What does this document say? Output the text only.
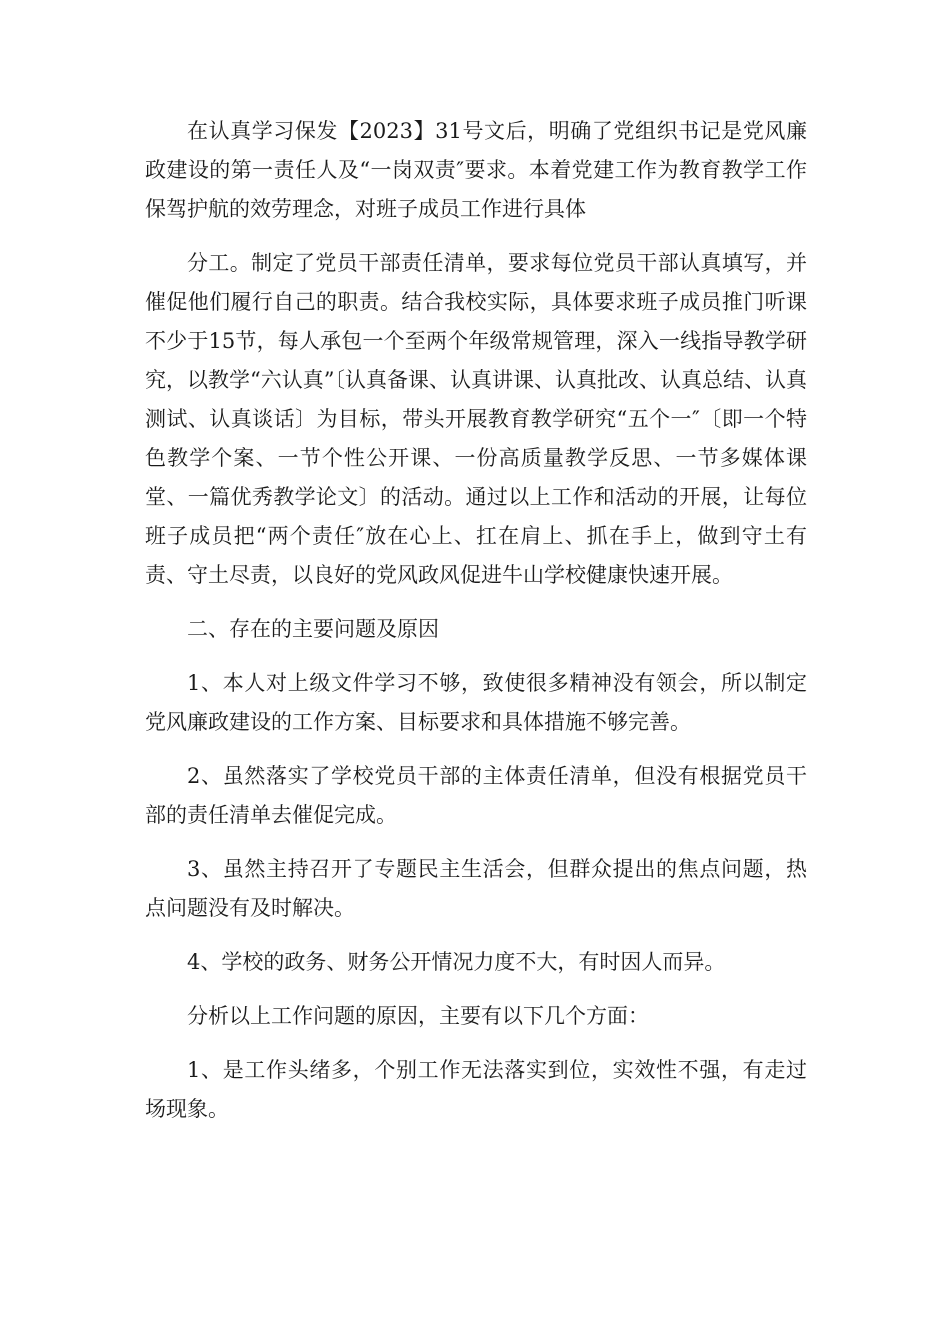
在认真学习保发【2023】31号文后，明确了党组织书记是党风廉政建设的第一责任人及“一岗双责″要求。本着党建工作为教育教学工作保驾护航的效劳理念，对班子成员工作进行具体

分工。制定了党员干部责任清单，要求每位党员干部认真填写，并催促他们履行自己的职责。结合我校实际，具体要求班子成员推门听课不少于15节，每人承包一个至两个年级常规管理，深入一线指导教学研究，以教学“六认真”〔认真备课、认真讲课、认真批改、认真总结、认真测试、认真谈话〕为目标，带头开展教育教学研究“五个一″〔即一个特色教学个案、一节个性公开课、一份高质量教学反思、一节多媒体课堂、一篇优秀教学论文〕的活动。通过以上工作和活动的开展，让每位班子成员把“两个责任″放在心上、扛在肩上、抓在手上，做到守土有责、守土尽责，以良好的党风政风促进牛山学校健康快速开展。

二、存在的主要问题及原因

1、本人对上级文件学习不够，致使很多精神没有领会，所以制定党风廉政建设的工作方案、目标要求和具体措施不够完善。

2、虽然落实了学校党员干部的主体责任清单，但没有根据党员干部的责任清单去催促完成。

3、虽然主持召开了专题民主生活会，但群众提出的焦点问题，热点问题没有及时解决。

4、学校的政务、财务公开情况力度不大，有时因人而异。

分析以上工作问题的原因，主要有以下几个方面：

1、是工作头绪多，个别工作无法落实到位，实效性不强，有走过场现象。
